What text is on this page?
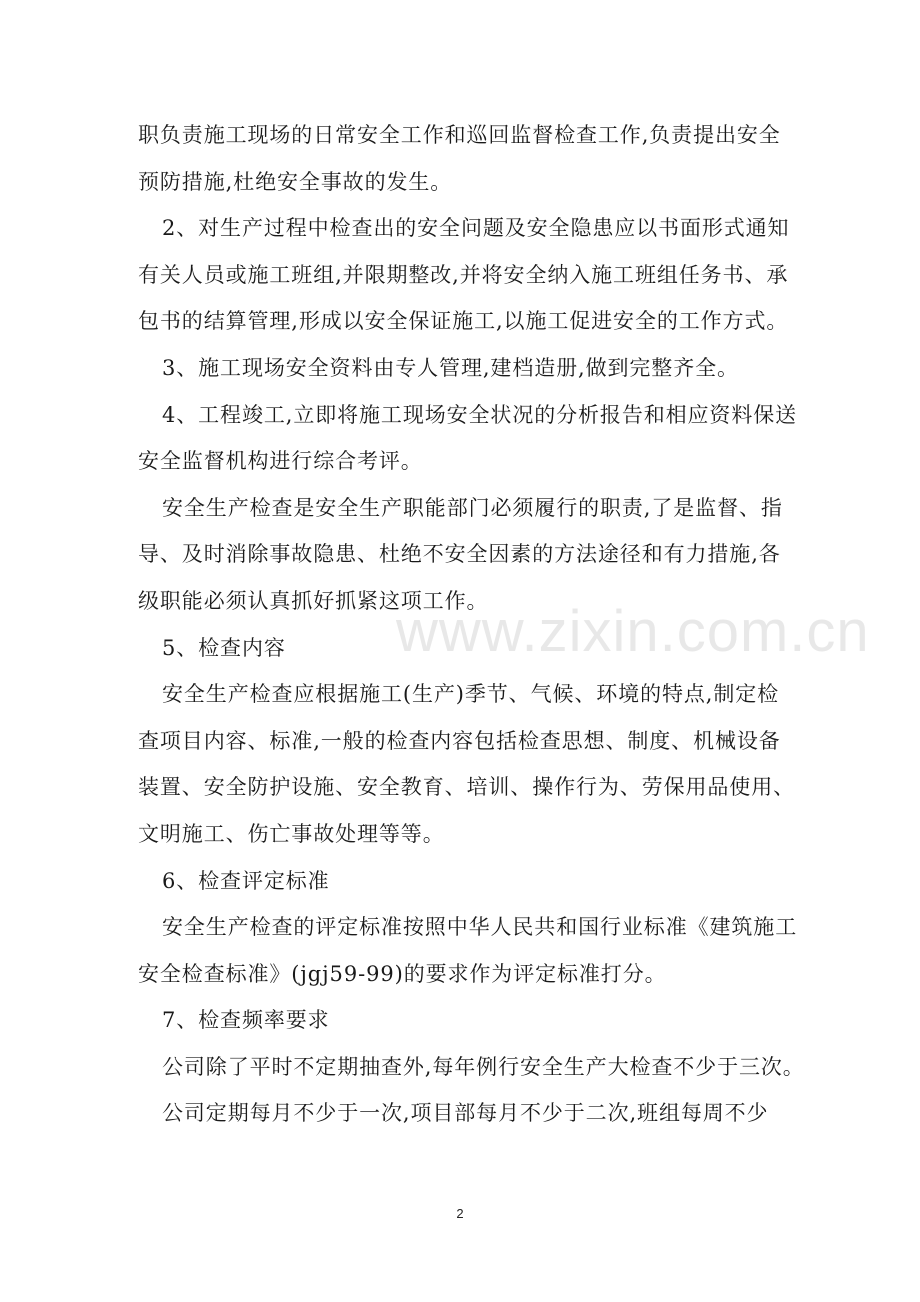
职负责施工现场的日常安全工作和巡回监督检查工作,负责提出安全
预防措施,杜绝安全事故的发生。
2、对生产过程中检查出的安全问题及安全隐患应以书面形式通知
有关人员或施工班组,并限期整改,并将安全纳入施工班组任务书、承
包书的结算管理,形成以安全保证施工,以施工促进安全的工作方式。
3、施工现场安全资料由专人管理,建档造册,做到完整齐全。
4、工程竣工,立即将施工现场安全状况的分析报告和相应资料保送
安全监督机构进行综合考评。
安全生产检查是安全生产职能部门必须履行的职责,了是监督、指
导、及时消除事故隐患、杜绝不安全因素的方法途径和有力措施,各
级职能必须认真抓好抓紧这项工作。
5、检查内容
安全生产检查应根据施工(生产)季节、气候、环境的特点,制定检
查项目内容、标准,一般的检查内容包括检查思想、制度、机械设备
装置、安全防护设施、安全教育、培训、操作行为、劳保用品使用、
文明施工、伤亡事故处理等等。
6、检查评定标准
安全生产检查的评定标准按照中华人民共和国行业标准《建筑施工
安全检查标准》(jgj59-99)的要求作为评定标准打分。
7、检查频率要求
公司除了平时不定期抽查外,每年例行安全生产大检查不少于三次。
公司定期每月不少于一次,项目部每月不少于二次,班组每周不少
www.zixin.com.cn
2
